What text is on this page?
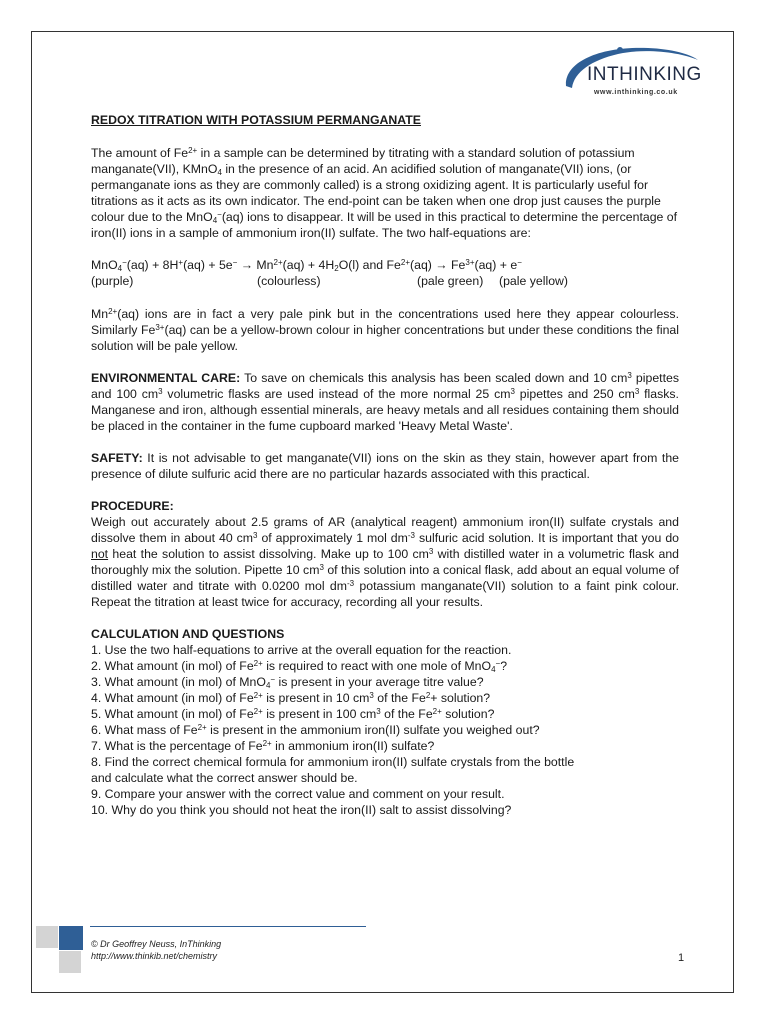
INTHINKING
www.inthinking.co.uk

REDOX TITRATION WITH POTASSIUM PERMANGANATE

The amount of $Fe^{2+}$ in a sample can be determined by titrating with a standard solution of potassium manganate(VII), KMnO$_4$ in the presence of an acid. An acidified solution of manganate(VII) ions, (or permanganate ions as they are commonly called) is a strong oxidizing agent. It is particularly useful for titrations as it acts as its own indicator. The end-point can be taken when one drop just causes the purple colour due to the MnO$_4$−(aq) ions to disappear. It will be used in this practical to determine the percentage of iron(II) ions in a sample of ammonium iron(II) sulfate. The two half-equations are:

$MnO_4^-(aq) + 8H^+(aq) + 5e^- \to Mn^{2+}(aq) + 4H_2O(l)$ and $Fe^{2+}(aq) \to Fe^{3+}(aq) + e^-$
(purple)	(colourless)	(pale green) (pale yellow)

$Mn^{2+}(aq)$ ions are in fact a very pale pink but in the concentrations used here they appear colourless. Similarly $Fe^{3+}(aq)$ can be a yellow-brown colour in higher concentrations but under these conditions the final solution will be pale yellow.

ENVIRONMENTAL CARE: To save on chemicals this analysis has been scaled down and 10 $cm^3$ pipettes and 100 $cm^3$ volumetric flasks are used instead of the more normal 25 $cm^3$ pipettes and 250 $cm^3$ flasks. Manganese and iron, although essential minerals, are heavy metals and all residues containing them should be placed in the container in the fume cupboard marked 'Heavy Metal Waste'.

SAFETY: It is not advisable to get manganate(VII) ions on the skin as they stain, however apart from the presence of dilute sulfuric acid there are no particular hazards associated with this practical.

PROCEDURE:

Weigh out accurately about 2.5 grams of AR (analytical reagent) ammonium iron(II) sulfate crystals and dissolve them in about 40 $cm^3$ of approximately 1 mol $dm^{-3}$ sulfuric acid solution. It is important that you do not heat the solution to assist dissolving. Make up to 100 $cm^3$ with distilled water in a volumetric flask and thoroughly mix the solution. Pipette 10 $cm^3$ of this solution into a conical flask, add about an equal volume of distilled water and titrate with 0.0200 mol $dm^{-3}$ potassium manganate(VII) solution to a faint pink colour. Repeat the titration at least twice for accuracy, recording all your results.

CALCULATION AND QUESTIONS

1. Use the two half-equations to arrive at the overall equation for the reaction.
2. What amount (in mol) of $Fe^{2+}$ is required to react with one mole of MnO$_4$−?
3. What amount (in mol) of MnO$_4$− is present in your average titre value?
4. What amount (in mol) of $Fe^{2+}$ is present in 10 $cm^3$ of the $Fe^2+$ solution?
5. What amount (in mol) of $Fe^{2+}$ is present in 100 $cm^3$ of the $Fe^{2+}$ solution?
6. What mass of $Fe^{2+}$ is present in the ammonium iron(II) sulfate you weighed out?
7. What is the percentage of $Fe^{2+}$ in ammonium iron(II) sulfate?
8. Find the correct chemical formula for ammonium iron(II) sulfate crystals from the bottle
and calculate what the correct answer should be.
9. Compare your answer with the correct value and comment on your result.
10. Why do you think you should not heat the iron(II) salt to assist dissolving?
© Dr Geoffrey Neuss, InThinking
http://www.thinkib.net/chemistry	1
